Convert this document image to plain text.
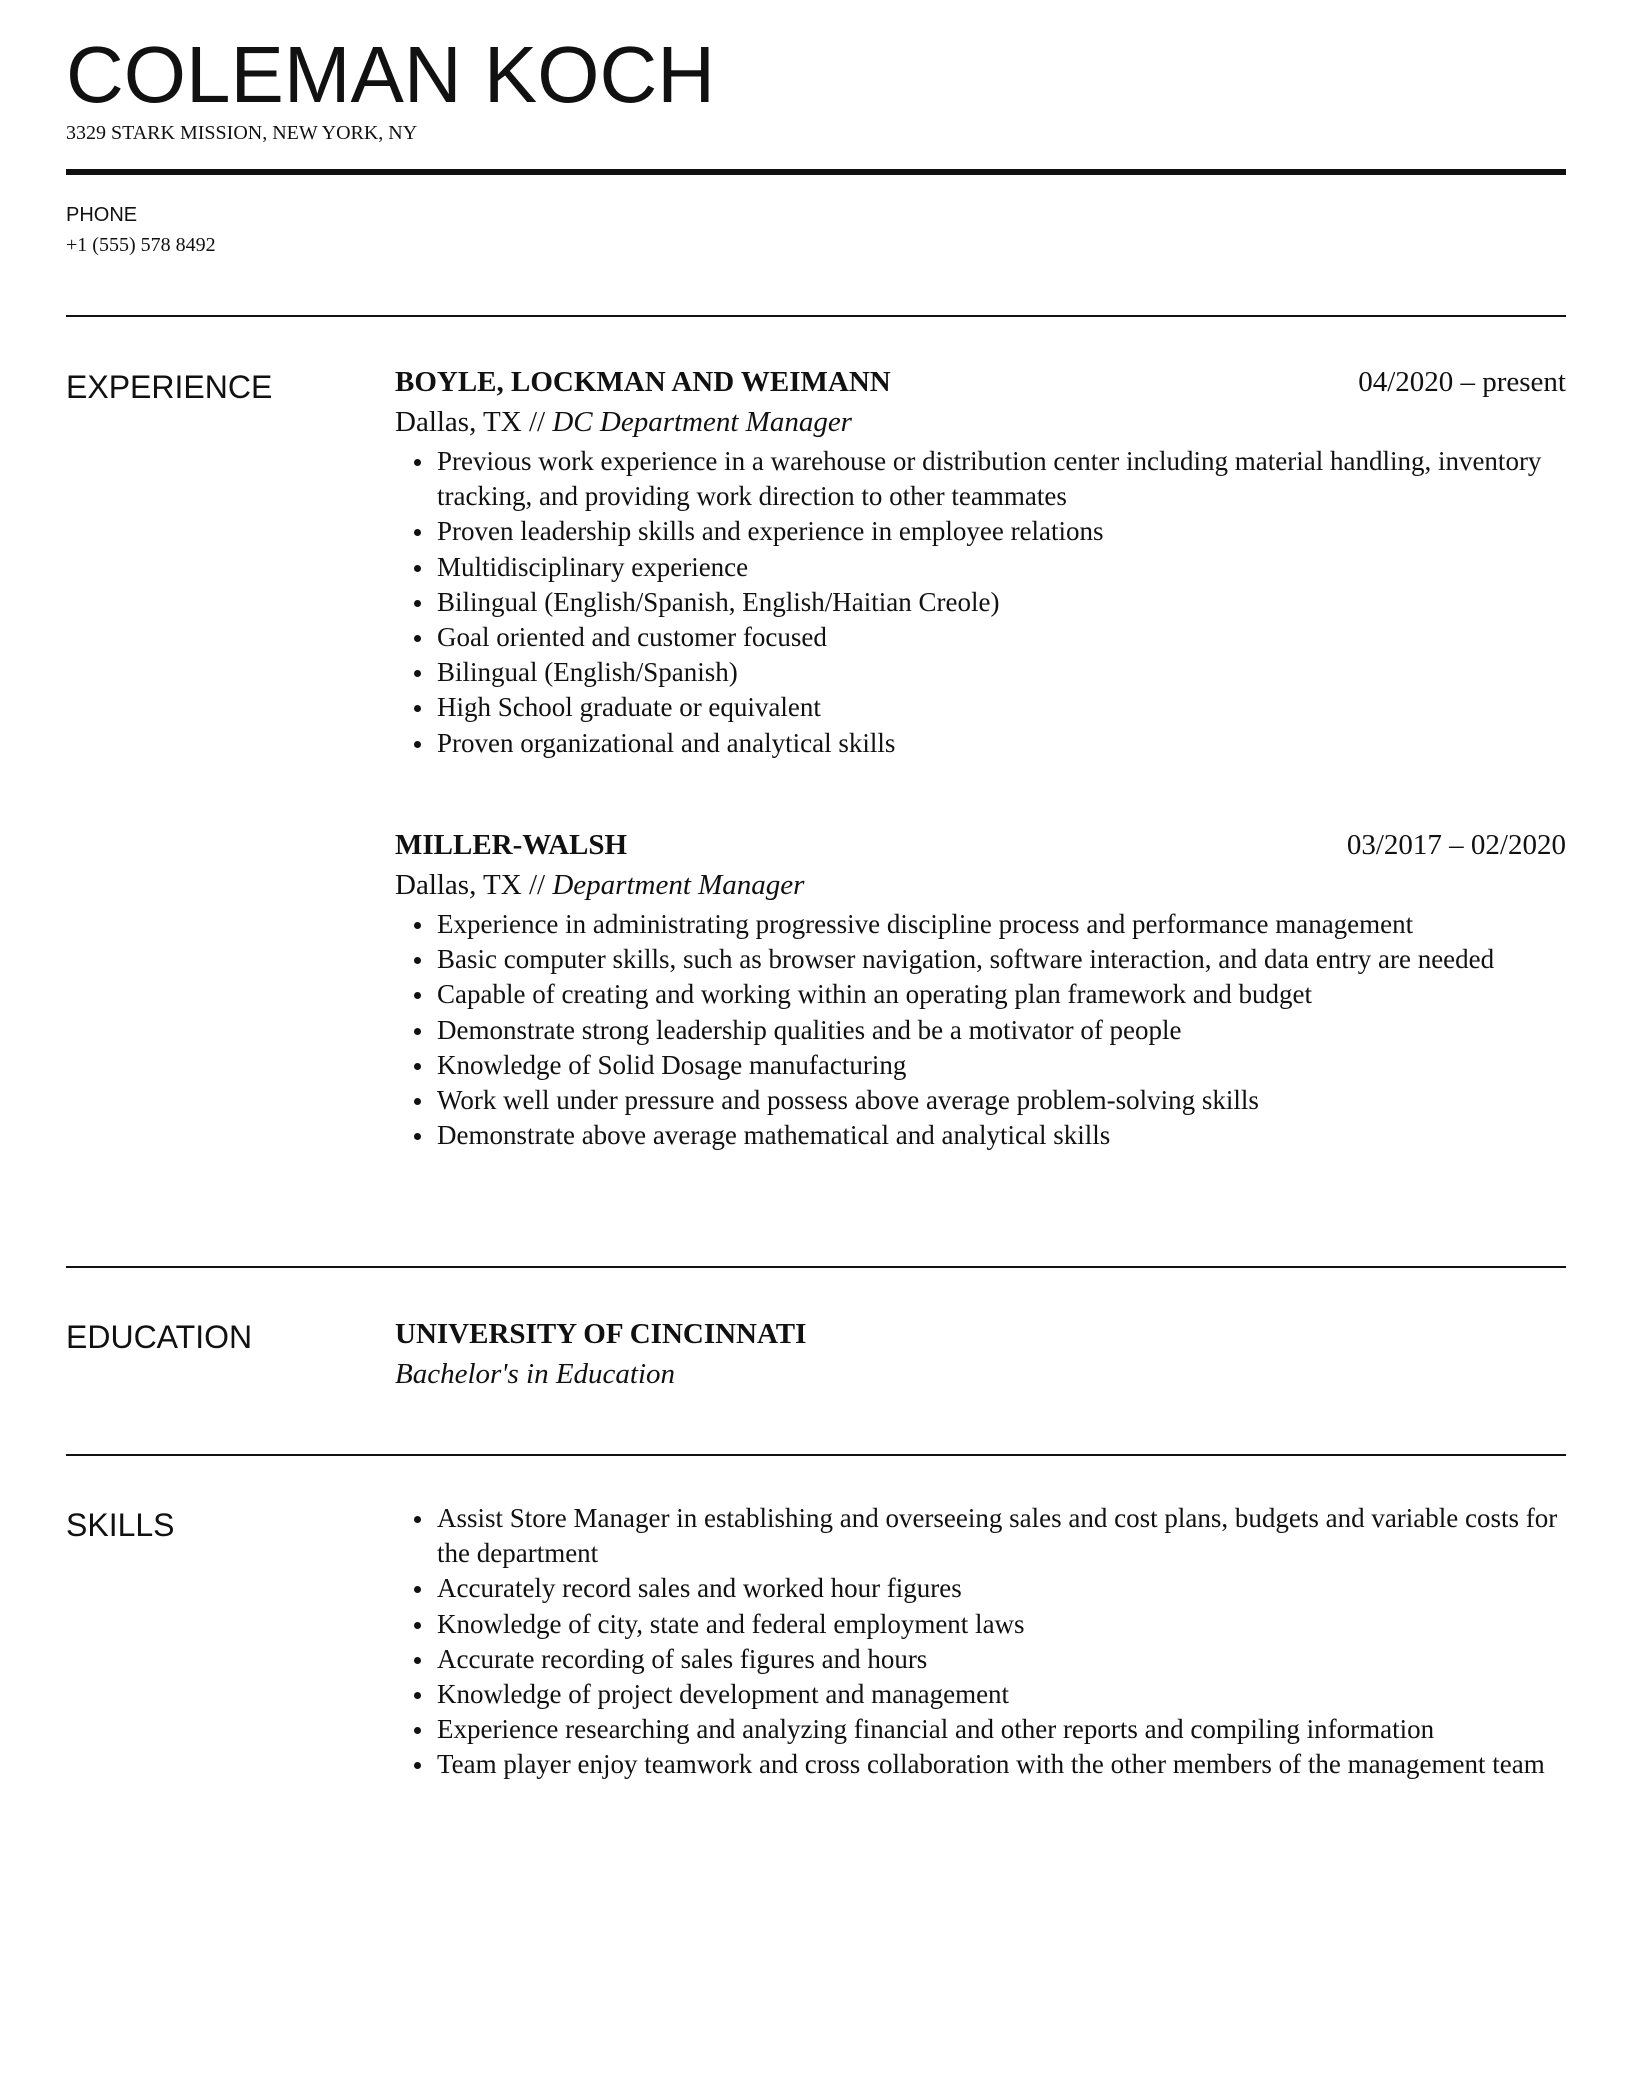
COLEMAN KOCH
3329 STARK MISSION, NEW YORK, NY
PHONE
+1 (555) 578 8492
EXPERIENCE	BOYLE, LOCKMAN AND WEIMANN	04/2020 – present
Dallas, TX // DC Department Manager
Previous work experience in a warehouse or distribution center including material handling, inventory tracking, and providing work direction to other teammates
Proven leadership skills and experience in employee relations
Multidisciplinary experience
Bilingual (English/Spanish, English/Haitian Creole)
Goal oriented and customer focused
Bilingual (English/Spanish)
High School graduate or equivalent
Proven organizational and analytical skills
MILLER-WALSH	03/2017 – 02/2020
Dallas, TX // Department Manager
Experience in administrating progressive discipline process and performance management
Basic computer skills, such as browser navigation, software interaction, and data entry are needed
Capable of creating and working within an operating plan framework and budget
Demonstrate strong leadership qualities and be a motivator of people
Knowledge of Solid Dosage manufacturing
Work well under pressure and possess above average problem-solving skills
Demonstrate above average mathematical and analytical skills
EDUCATION	UNIVERSITY OF CINCINNATI
Bachelor's in Education
SKILLS	Assist Store Manager in establishing and overseeing sales and cost plans, budgets and variable costs for the department
Accurately record sales and worked hour figures
Knowledge of city, state and federal employment laws
Accurate recording of sales figures and hours
Knowledge of project development and management
Experience researching and analyzing financial and other reports and compiling information
Team player enjoy teamwork and cross collaboration with the other members of the management team
